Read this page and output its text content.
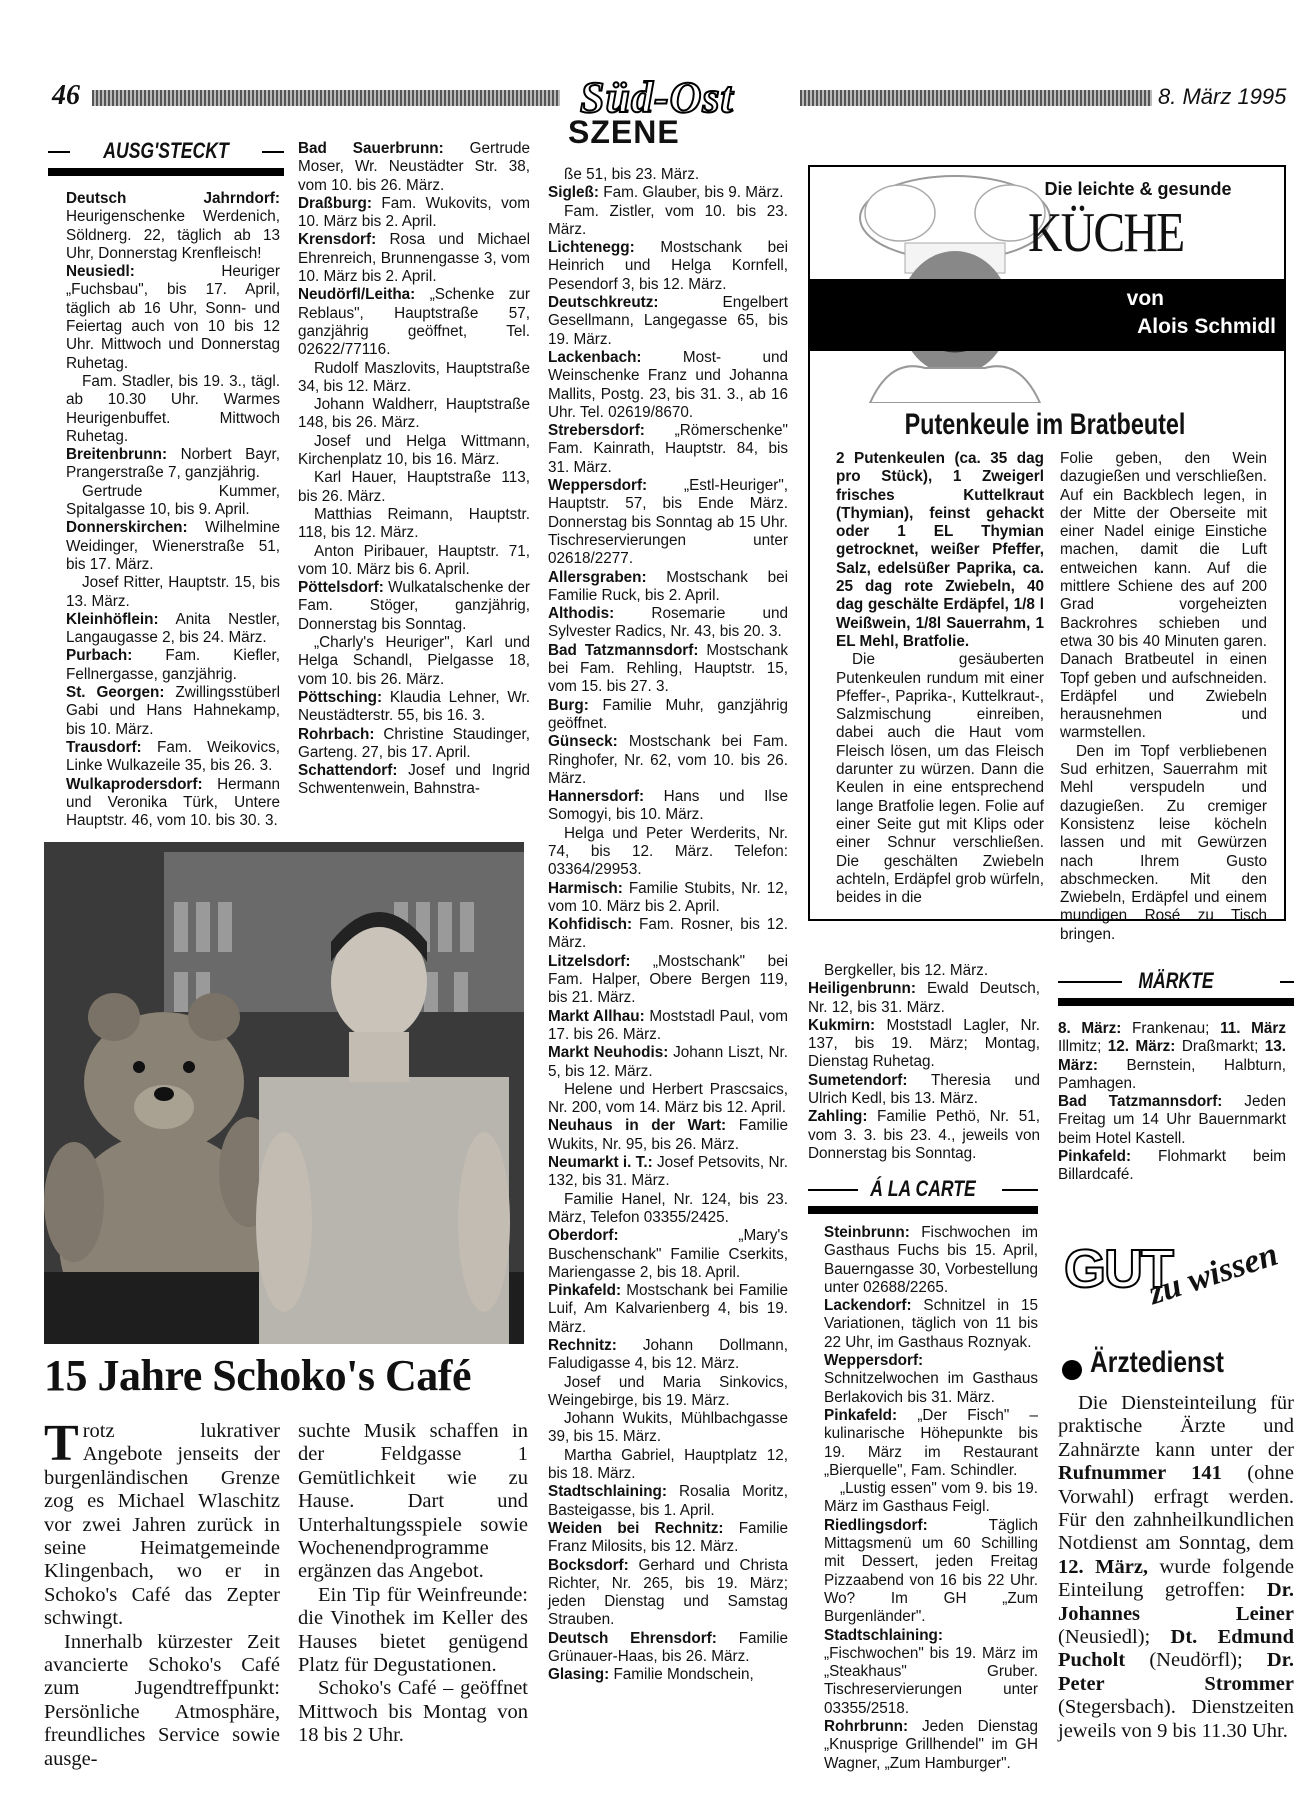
46	8. März 1995
Süd-Ost
SZENE
AUSG'STECKT

Deutsch Jahrndorf: Heurigenschenke Werdenich, Söldnerg. 22, täglich ab 13 Uhr, Donnerstag Krenfleisch!

Neusiedl: Heuriger „Fuchsbau", bis 17. April, täglich ab 16 Uhr, Sonn- und Feiertag auch von 10 bis 12 Uhr. Mittwoch und Donnerstag Ruhetag.

Fam. Stadler, bis 19. 3., tägl. ab 10.30 Uhr. Warmes Heurigenbuffet. Mittwoch Ruhetag.

Breitenbrunn: Norbert Bayr, Prangerstraße 7, ganzjährig.

Gertrude Kummer, Spitalgasse 10, bis 9. April.

Donnerskirchen: Wilhelmine Weidinger, Wienerstraße 51, bis 17. März.

Josef Ritter, Hauptstr. 15, bis 13. März.

Kleinhöflein: Anita Nestler, Langaugasse 2, bis 24. März.

Purbach: Fam. Kiefler, Fellnergasse, ganzjährig.

St. Georgen: Zwillingsstüberl Gabi und Hans Hahnekamp, bis 10. März.

Trausdorf: Fam. Weikovics, Linke Wulkazeile 35, bis 26. 3.

Wulkaprodersdorf: Hermann und Veronika Türk, Untere Hauptstr. 46, vom 10. bis 30. 3.

Bad Sauerbrunn: Gertrude Moser, Wr. Neustädter Str. 38, vom 10. bis 26. März.

Draßburg: Fam. Wukovits, vom 10. März bis 2. April.

Krensdorf: Rosa und Michael Ehrenreich, Brunnengasse 3, vom 10. März bis 2. April.

Neudörfl/Leitha: „Schenke zur Reblaus", Hauptstraße 57, ganzjährig geöffnet, Tel. 02622/77116.

Rudolf Maszlovits, Hauptstraße 34, bis 12. März.

Johann Waldherr, Hauptstraße 148, bis 26. März.

Josef und Helga Wittmann, Kirchenplatz 10, bis 16. März.

Karl Hauer, Hauptstraße 113, bis 26. März.

Matthias Reimann, Hauptstr. 118, bis 12. März.

Anton Piribauer, Hauptstr. 71, vom 10. März bis 6. April.

Pöttelsdorf: Wulkatalschenke der Fam. Stöger, ganzjährig, Donnerstag bis Sonntag.

„Charly's Heuriger", Karl und Helga Schandl, Pielgasse 18, vom 10. bis 26. März.

Pöttsching: Klaudia Lehner, Wr. Neustädterstr. 55, bis 16. 3.

Rohrbach: Christine Staudinger, Garteng. 27, bis 17. April.

Schattendorf: Josef und Ingrid Schwentenwein, Bahnstra-

ße 51, bis 23. März.

Sigleß: Fam. Glauber, bis 9. März.

Fam. Zistler, vom 10. bis 23. März.

Lichtenegg: Mostschank bei Heinrich und Helga Kornfell, Pesendorf 3, bis 12. März.

Deutschkreutz: Engelbert Gesellmann, Langegasse 65, bis 19. März.

Lackenbach: Most- und Weinschenke Franz und Johanna Mallits, Postg. 23, bis 31. 3., ab 16 Uhr. Tel. 02619/8670.

Strebersdorf: „Römerschenke" Fam. Kainrath, Hauptstr. 84, bis 31. März.

Weppersdorf: „Estl-Heuriger", Hauptstr. 57, bis Ende März. Donnerstag bis Sonntag ab 15 Uhr. Tischreservierungen unter 02618/2277.

Allersgraben: Mostschank bei Familie Ruck, bis 2. April.

Althodis: Rosemarie und Sylvester Radics, Nr. 43, bis 20. 3.

Bad Tatzmannsdorf: Mostschank bei Fam. Rehling, Hauptstr. 15, vom 15. bis 27. 3.

Burg: Familie Muhr, ganzjährig geöffnet.

Günseck: Mostschank bei Fam. Ringhofer, Nr. 62, vom 10. bis 26. März.

Hannersdorf: Hans und Ilse Somogyi, bis 10. März.

Helga und Peter Werderits, Nr. 74, bis 12. März. Telefon: 03364/29953.

Harmisch: Familie Stubits, Nr. 12, vom 10. März bis 2. April.

Kohfidisch: Fam. Rosner, bis 12. März.

Litzelsdorf: „Mostschank" bei Fam. Halper, Obere Bergen 119, bis 21. März.

Markt Allhau: Moststadl Paul, vom 17. bis 26. März.

Markt Neuhodis: Johann Liszt, Nr. 5, bis 12. März.

Helene und Herbert Prascsaics, Nr. 200, vom 14. März bis 12. April.

Neuhaus in der Wart: Familie Wukits, Nr. 95, bis 26. März.

Neumarkt i. T.: Josef Petsovits, Nr. 132, bis 31. März.

Familie Hanel, Nr. 124, bis 23. März, Telefon 03355/2425.

Oberdorf: „Mary's Buschenschank" Familie Cserkits, Mariengasse 2, bis 18. April.

Pinkafeld: Mostschank bei Familie Luif, Am Kalvarienberg 4, bis 19. März.

Rechnitz: Johann Dollmann, Faludigasse 4, bis 12. März.

Josef und Maria Sinkovics, Weingebirge, bis 19. März.

Johann Wukits, Mühlbachgasse 39, bis 15. März.

Martha Gabriel, Hauptplatz 12, bis 18. März.

Stadtschlaining: Rosalia Moritz, Basteigasse, bis 1. April.

Weiden bei Rechnitz: Familie Franz Milosits, bis 12. März.

Bocksdorf: Gerhard und Christa Richter, Nr. 265, bis 19. März; jeden Dienstag und Samstag Strauben.

Deutsch Ehrensdorf: Familie Grünauer-Haas, bis 26. März.

Glasing: Familie Mondschein,

15 Jahre Schoko's Café

Trotz lukrativer Angebote jenseits der burgenländischen Grenze zog es Michael Wlaschitz vor zwei Jahren zurück in seine Heimatgemeinde Klingenbach, wo er in Schoko's Café das Zepter schwingt.

Innerhalb kürzester Zeit avancierte Schoko's Café zum Jugendtreffpunkt: Persönliche Atmosphäre, freundliches Service sowie ausge-

suchte Musik schaffen in der Feldgasse 1 Gemütlichkeit wie zu Hause. Dart und Unterhaltungsspiele sowie Wochenendprogramme ergänzen das Angebot.

Ein Tip für Weinfreunde: die Vinothek im Keller des Hauses bietet genügend Platz für Degustationen.

Schoko's Café – geöffnet Mittwoch bis Montag von 18 bis 2 Uhr.

Die leichte & gesunde
KÜCHE
von
Alois Schmidl
Putenkeule im Bratbeutel

2 Putenkeulen (ca. 35 dag pro Stück), 1 Zweigerl frisches Kuttelkraut (Thymian), feinst gehackt oder 1 EL Thymian getrocknet, weißer Pfeffer, Salz, edelsüßer Paprika, ca. 25 dag rote Zwiebeln, 40 dag geschälte Erdäpfel, 1/8 l Weißwein, 1/8l Sauerrahm, 1 EL Mehl, Bratfolie.

Die gesäuberten Putenkeulen rundum mit einer Pfeffer-, Paprika-, Kuttelkraut-, Salzmischung einreiben, dabei auch die Haut vom Fleisch lösen, um das Fleisch darunter zu würzen. Dann die Keulen in eine entsprechend lange Bratfolie legen. Folie auf einer Seite gut mit Klips oder einer Schnur verschließen. Die geschälten Zwiebeln achteln, Erdäpfel grob würfeln, beides in die

Folie geben, den Wein dazugießen und verschließen. Auf ein Backblech legen, in der Mitte der Oberseite mit einer Nadel einige Einstiche machen, damit die Luft entweichen kann. Auf die mittlere Schiene des auf 200 Grad vorgeheizten Backrohres schieben und etwa 30 bis 40 Minuten garen. Danach Bratbeutel in einen Topf geben und aufschneiden. Erdäpfel und Zwiebeln herausnehmen und warmstellen.

Den im Topf verbliebenen Sud erhitzen, Sauerrahm mit Mehl verspudeln und dazugießen. Zu cremiger Konsistenz leise köcheln lassen und mit Gewürzen nach Ihrem Gusto abschmecken. Mit den Zwiebeln, Erdäpfel und einem mundigen Rosé zu Tisch bringen.

Bergkeller, bis 12. März.

Heiligenbrunn: Ewald Deutsch, Nr. 12, bis 31. März.

Kukmirn: Moststadl Lagler, Nr. 137, bis 19. März; Montag, Dienstag Ruhetag.

Sumetendorf: Theresia und Ulrich Kedl, bis 13. März.

Zahling: Familie Pethö, Nr. 51, vom 3. 3. bis 23. 4., jeweils von Donnerstag bis Sonntag.

Á LA CARTE

Steinbrunn: Fischwochen im Gasthaus Fuchs bis 15. April, Bauerngasse 30, Vorbestellung unter 02688/2265.

Lackendorf: Schnitzel in 15 Variationen, täglich von 11 bis 22 Uhr, im Gasthaus Roznyak.

Weppersdorf: Schnitzelwochen im Gasthaus Berlakovich bis 31. März.

Pinkafeld: „Der Fisch" – kulinarische Höhepunkte bis 19. März im Restaurant „Bierquelle", Fam. Schindler.

„Lustig essen" vom 9. bis 19. März im Gasthaus Feigl.

Riedlingsdorf: Täglich Mittagsmenü um 60 Schilling mit Dessert, jeden Freitag Pizzaabend von 16 bis 22 Uhr. Wo? Im GH „Zum Burgenländer".

Stadtschlaining: „Fischwochen" bis 19. März im „Steakhaus" Gruber. Tischreservierungen unter 03355/2518.

Rohrbrunn: Jeden Dienstag „Knusprige Grillhendel" im GH Wagner, „Zum Hamburger".

MÄRKTE

8. März: Frankenau; 11. März Illmitz; 12. März: Draßmarkt; 13. März: Bernstein, Halbturn, Pamhagen.

Bad Tatzmannsdorf: Jeden Freitag um 14 Uhr Bauernmarkt beim Hotel Kastell.

Pinkafeld: Flohmarkt beim Billardcafé.

GUT
zu wissen
Ärztedienst

Die Diensteinteilung für praktische Ärzte und Zahnärzte kann unter der Rufnummer 141 (ohne Vorwahl) erfragt werden. Für den zahnheilkundlichen Notdienst am Sonntag, dem 12. März, wurde folgende Einteilung getroffen: Dr. Johannes Leiner (Neusiedl); Dt. Edmund Pucholt (Neudörfl); Dr. Peter Strommer (Stegersbach). Dienstzeiten jeweils von 9 bis 11.30 Uhr.
